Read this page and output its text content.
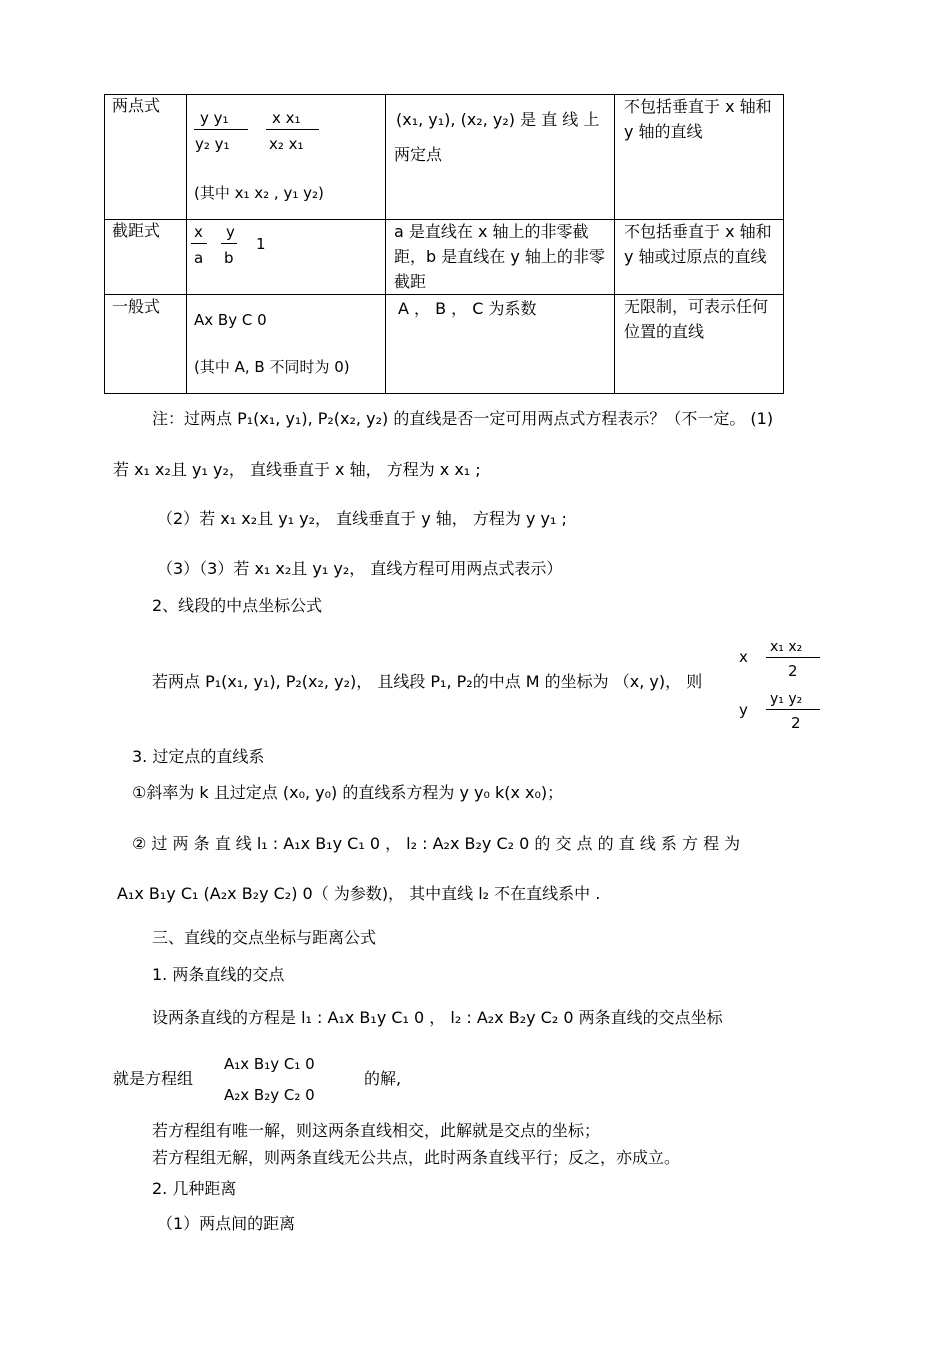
两点式
y y₁
y₂ y₁
x x₁
x₂ x₁
(其中 x₁ x₂ , y₁ y₂)
(x₁, y₁), (x₂, y₂) 是 直 线 上
两定点
不包括垂直于 x 轴和 y 轴的直线
截距式 x
a
y
b
1
a 是直线在 x 轴上的非零截距，b 是直线在 y 轴上的非零截距
不包括垂直于 x 轴和 y 轴或过原点的直线
一般式
Ax By C 0
(其中 A, B 不同时为 0)
A ， B ， C 为系数	无限制，可表示任何位置的直线
注：过两点 P₁(x₁, y₁), P₂(x₂, y₂) 的直线是否一定可用两点式方程表示？（不一定。 (1)
若 x₁ x₂且 y₁ y₂， 直线垂直于 x 轴， 方程为 x x₁ ;
（2）若 x₁ x₂且 y₁ y₂， 直线垂直于 y 轴， 方程为 y y₁ ;
（3）（3）若 x₁ x₂且 y₁ y₂， 直线方程可用两点式表示）
2、线段的中点坐标公式
若两点 P₁(x₁, y₁), P₂(x₂, y₂)， 且线段 P₁, P₂的中点 M 的坐标为 （x, y)， 则
x
x₁ x₂
2
y
y₁ y₂
2
3. 过定点的直线系
①斜率为 k 且过定点 (x₀, y₀) 的直线系方程为 y y₀ k(x x₀)；
② 过 两 条 直 线 l₁ : A₁x B₁y C₁ 0 ， l₂ : A₂x B₂y C₂ 0 的 交 点 的 直 线 系 方 程 为
A₁x B₁y C₁ (A₂x B₂y C₂) 0（ 为参数)， 其中直线 l₂ 不在直线系中 .
三、直线的交点坐标与距离公式
1. 两条直线的交点
设两条直线的方程是 l₁ : A₁x B₁y C₁ 0 ， l₂ : A₂x B₂y C₂ 0 两条直线的交点坐标
就是方程组
A₁x B₁y C₁ 0
A₂x B₂y C₂ 0
的解,
若方程组有唯一解，则这两条直线相交，此解就是交点的坐标；
若方程组无解，则两条直线无公共点，此时两条直线平行；反之，亦成立。
2. 几种距离
（1）两点间的距离
